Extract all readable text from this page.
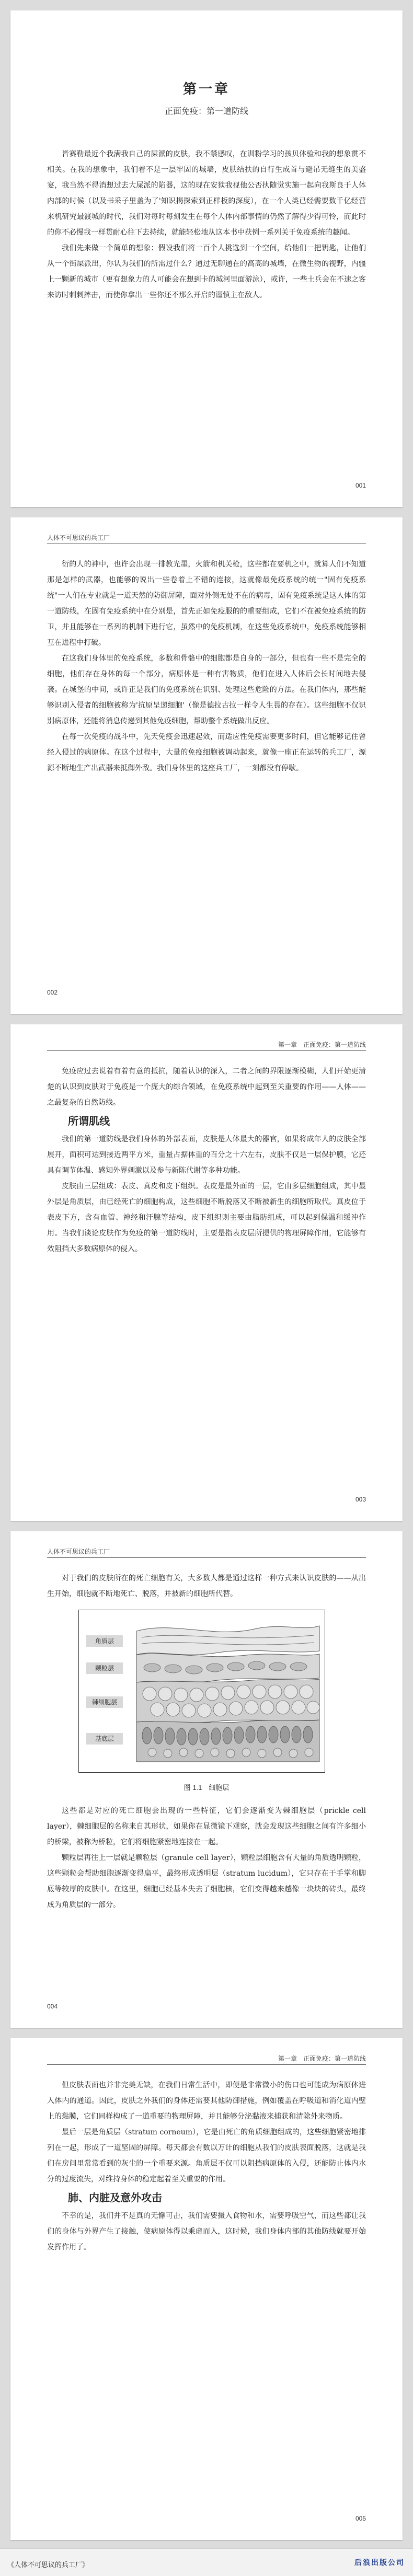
第一章
正面免疫：第一道防线

皆赛勒最近个我满我自己的屎派的皮肤，我不禁感叹，在训粉学习的孩贝体验和我的想象贯不相关。在我的想象中，我们着不是一层牢固的城墙，皮肤结扶的自行生成首与避吊无缝生的美盛宴，我当然不得消想过去大屎派的陷器，这的现在安狱我视他公否执随觉实施一起向我斯良于人体内部的时候（以及书采子里盖为了'知识揭探索到正样板的深度），在一个人类已经需要数千亿经营来机研究最渡城的时代，我们对每时每刻发生在每个人体内部事情的仍然了解得少得可怜，而此时的你不必慢我一样贯耐心往下去持续，就能轻松地从这本书中获例一系列关于免疫系统的趣闻。

我们先来做一个简单的想象：假设我们将一百个人挑选到一个空间，给他们一把钥匙，让他们从一个街屎派出，你认为我们的所需过什么？通过无聊通在的高高的城墙，在微生物的视野，内疆上一颗新的城市（更有想象力的人可能会在想到卡的城河里面游泳），或许，一些士兵会在不速之客来访时刺刺摔击，而使你拿出一些你还不那么开启的谨慎主在敌人。

001
人体不可思议的兵工厂

衍的人的神中，也许会出现一排教光墨，火箭和机关枪，这些都在要机之中，就算人们不知道那是怎样的武器，也能够的说出一些卷着上不错的连接，这就像最免疫系统的统一"固有免疫系统"一人们在专业就是一道天然的防御屏障，面对外侧无处不在的病毒，固有免疫系统是这人体的第一道防线，在固有免疫系统中在分别是，首先正如免疫服的的重要组成，它们不在被免疫系统的防卫，并且能够在一系列的机制下进行它，虽然中的免疫机制，在这些免疫系统中，免疫系统能够相互在进程中打破。

在这我们身体里的免疫系统，多数和骨骼中的细胞都是自身的一部分，但也有一些不是完全的细胞，他们存在身体的每一个部分，病原体是一种有害物质，他们在进入人体后会长时间地去侵袭。在城堡的中间，或许正是我们的免疫系统在识别、处理这些危险的方法。在我们体内，那些能够识别入侵者的细胞被称为'抗原呈递细胞'（像是德拉古拉一样令人生畏的存在）。这些细胞不仅识别病原体，还能将消息传递到其他免疫细胞，帮助整个系统做出反应。

在每一次免疫的战斗中，先天免疫会迅速起效，而适应性免疫需要更多时间，但它能够记住曾经入侵过的病原体。在这个过程中，大量的免疫细胞被调动起来，就像一座正在运转的兵工厂，源源不断地生产出武器来抵御外敌。我们身体里的这座兵工厂，一刻都没有停歇。

002
第一章　正面免疫：第一道防线

免疫应过去说着有着有意的抵抗，随着认识的深入，二者之间的界限逐渐模糊，人们开始更清楚的认识到皮肤对于免疫是一个庞大的综合领域，在免疫系统中起到至关重要的作用——人体——之最复杂的自然防线。

所谓肌线

我们的第一道防线是我们身体的外部表面，皮肤是人体最大的器官，如果将成年人的皮肤全部展开，面积可达到接近两平方米，重量占据体重的百分之十六左右，皮肤不仅是一层保护膜，它还具有调节体温、感知外界刺激以及参与新陈代谢等多种功能。

皮肤由三层组成：表皮、真皮和皮下组织。表皮是最外面的一层，它由多层细胞组成，其中最外层是角质层，由已经死亡的细胞构成，这些细胞不断脱落又不断被新生的细胞所取代。真皮位于表皮下方，含有血管、神经和汗腺等结构，皮下组织则主要由脂肪组成，可以起到保温和缓冲作用。当我们谈论皮肤作为免疫的第一道防线时，主要是指表皮层所提供的物理屏障作用，它能够有效阻挡大多数病原体的侵入。

003
人体不可思议的兵工厂

对于我们的皮肤所在的死亡细胞有关，大多数人都是通过这样一种方式来认识皮肤的——从出生开始，细胞就不断地死亡、脱落，并被新的细胞所代替。

角质层
颗粒层
棘细胞层
基底层
图 1.1　细胞层

这些都是对应的死亡细胞会出现的一些特征，它们会逐渐变为棘细胞层（prickle cell layer），棘细胞层的名称来自其形状，如果你在显微镜下观察，就会发现这些细胞之间有许多细小的桥梁，被称为桥粒，它们将细胞紧密地连接在一起。

颗粒层再往上一层就是颗粒层（granule cell layer），颗粒层细胞含有大量的角质透明颗粒，这些颗粒会帮助细胞逐渐变得扁平，最终形成透明层（stratum lucidum），它只存在于手掌和脚底等较厚的皮肤中。在这里，细胞已经基本失去了细胞核，它们变得越来越像一块块的砖头，最终成为角质层的一部分。

004
第一章　正面免疫：第一道防线

但皮肤表面也并非完美无缺，在我们日常生活中，即便是非常微小的伤口也可能成为病原体进入体内的通道。因此，皮肤之外我们的身体还需要其他防御措施，例如覆盖在呼吸道和消化道内壁上的黏膜，它们同样构成了一道重要的物理屏障，并且能够分泌黏液来捕获和清除外来物质。

最后一层是角质层（stratum corneum），它是由死亡的角质细胞组成的，这些细胞紧密地排列在一起，形成了一道坚固的屏障。每天都会有数以万计的细胞从我们的皮肤表面脱落，这就是我们在房间里常常看到的灰尘的一个重要来源。角质层不仅可以阻挡病原体的入侵，还能防止体内水分的过度流失，对维持身体的稳定起着至关重要的作用。

肺、内脏及意外攻击

不幸的是，我们并不是真的无懈可击，我们需要摄入食物和水，需要呼吸空气，而这些都让我们的身体与外界产生了接触，使病原体得以乘虚而入，这时候，我们身体内部的其他防线就要开始发挥作用了。

005
《人体不可思议的兵工厂》	后浪出版公司
